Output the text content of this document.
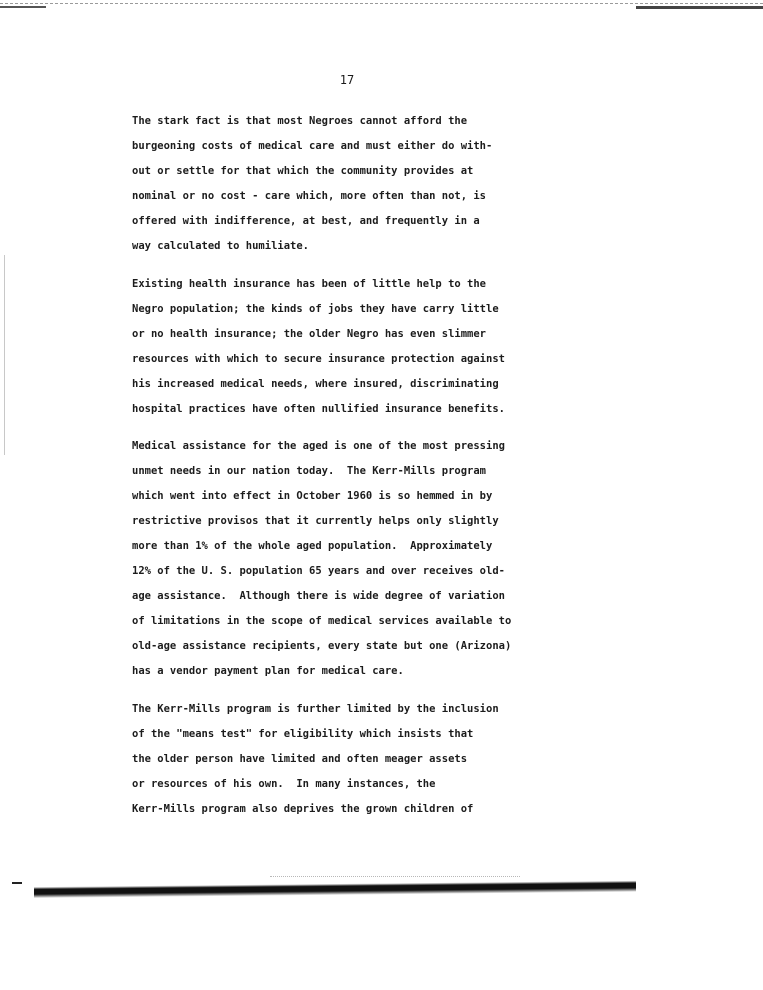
17

The stark fact is that most Negroes cannot afford the
burgeoning costs of medical care and must either do with-
out or settle for that which the community provides at
nominal or no cost - care which, more often than not, is
offered with indifference, at best, and frequently in a
way calculated to humiliate.

Existing health insurance has been of little help to the
Negro population; the kinds of jobs they have carry little
or no health insurance; the older Negro has even slimmer
resources with which to secure insurance protection against
his increased medical needs, where insured, discriminating
hospital practices have often nullified insurance benefits.

Medical assistance for the aged is one of the most pressing
unmet needs in our nation today.  The Kerr-Mills program
which went into effect in October 1960 is so hemmed in by
restrictive provisos that it currently helps only slightly
more than 1% of the whole aged population.  Approximately
12% of the U. S. population 65 years and over receives old-
age assistance.  Although there is wide degree of variation
of limitations in the scope of medical services available to
old-age assistance recipients, every state but one (Arizona)
has a vendor payment plan for medical care.

The Kerr-Mills program is further limited by the inclusion
of the "means test" for eligibility which insists that
the older person have limited and often meager assets
or resources of his own.  In many instances, the
Kerr-Mills program also deprives the grown children of
